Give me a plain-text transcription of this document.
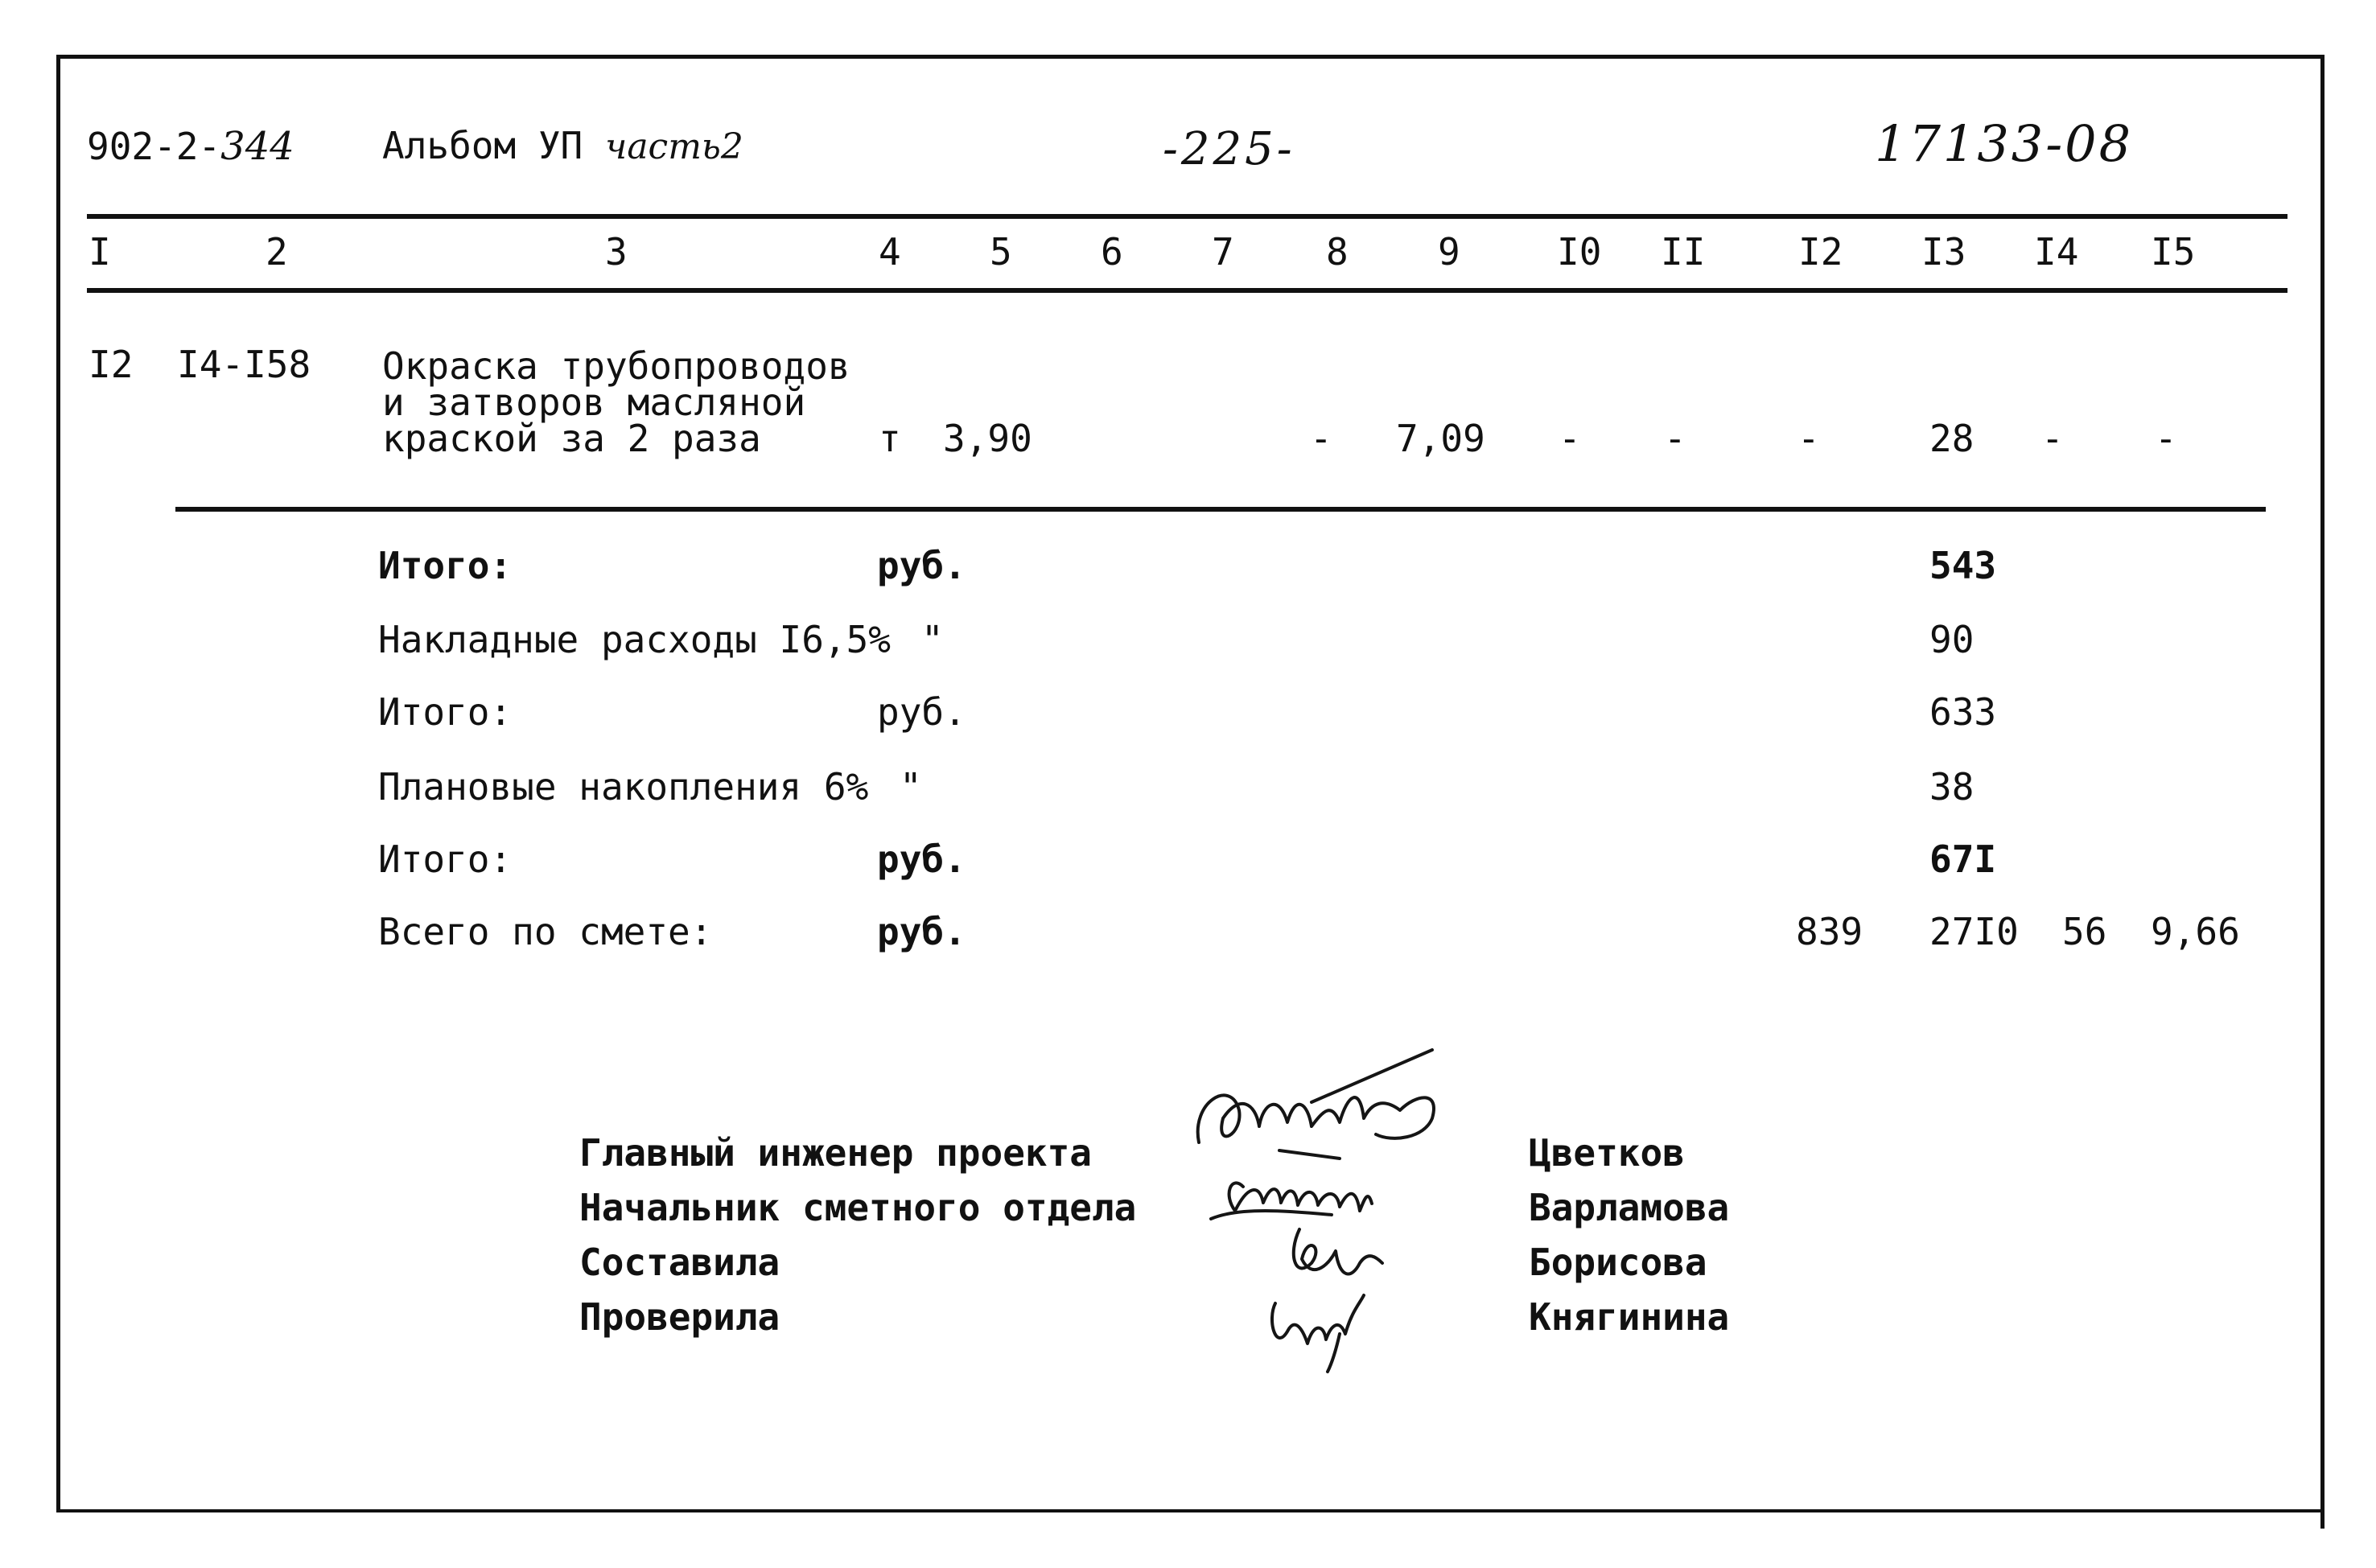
902-2-344 Альбом УП часть2	-225-	17133-08
I	2	3	4 5 6 7 8 9	I0 II	I2 I3 I4 I5
I2 I4-I58 Окраска трубопроводов
и затворов масляной
краской за 2 раза	т 3,90	- 7,09 - -	-	28 - -
Итого:	руб.	543
Накладные расходы I6,5% "	90
Итого:	руб.	633
Плановые накопления 6% "	38
Итого:	руб.	67I
Всего по смете:	руб.	839 27I0 56 9,66
Главный инженер проекта
Начальник сметного отдела
Составила
Проверила
Цветков
Варламова
Борисова
Княгинина
